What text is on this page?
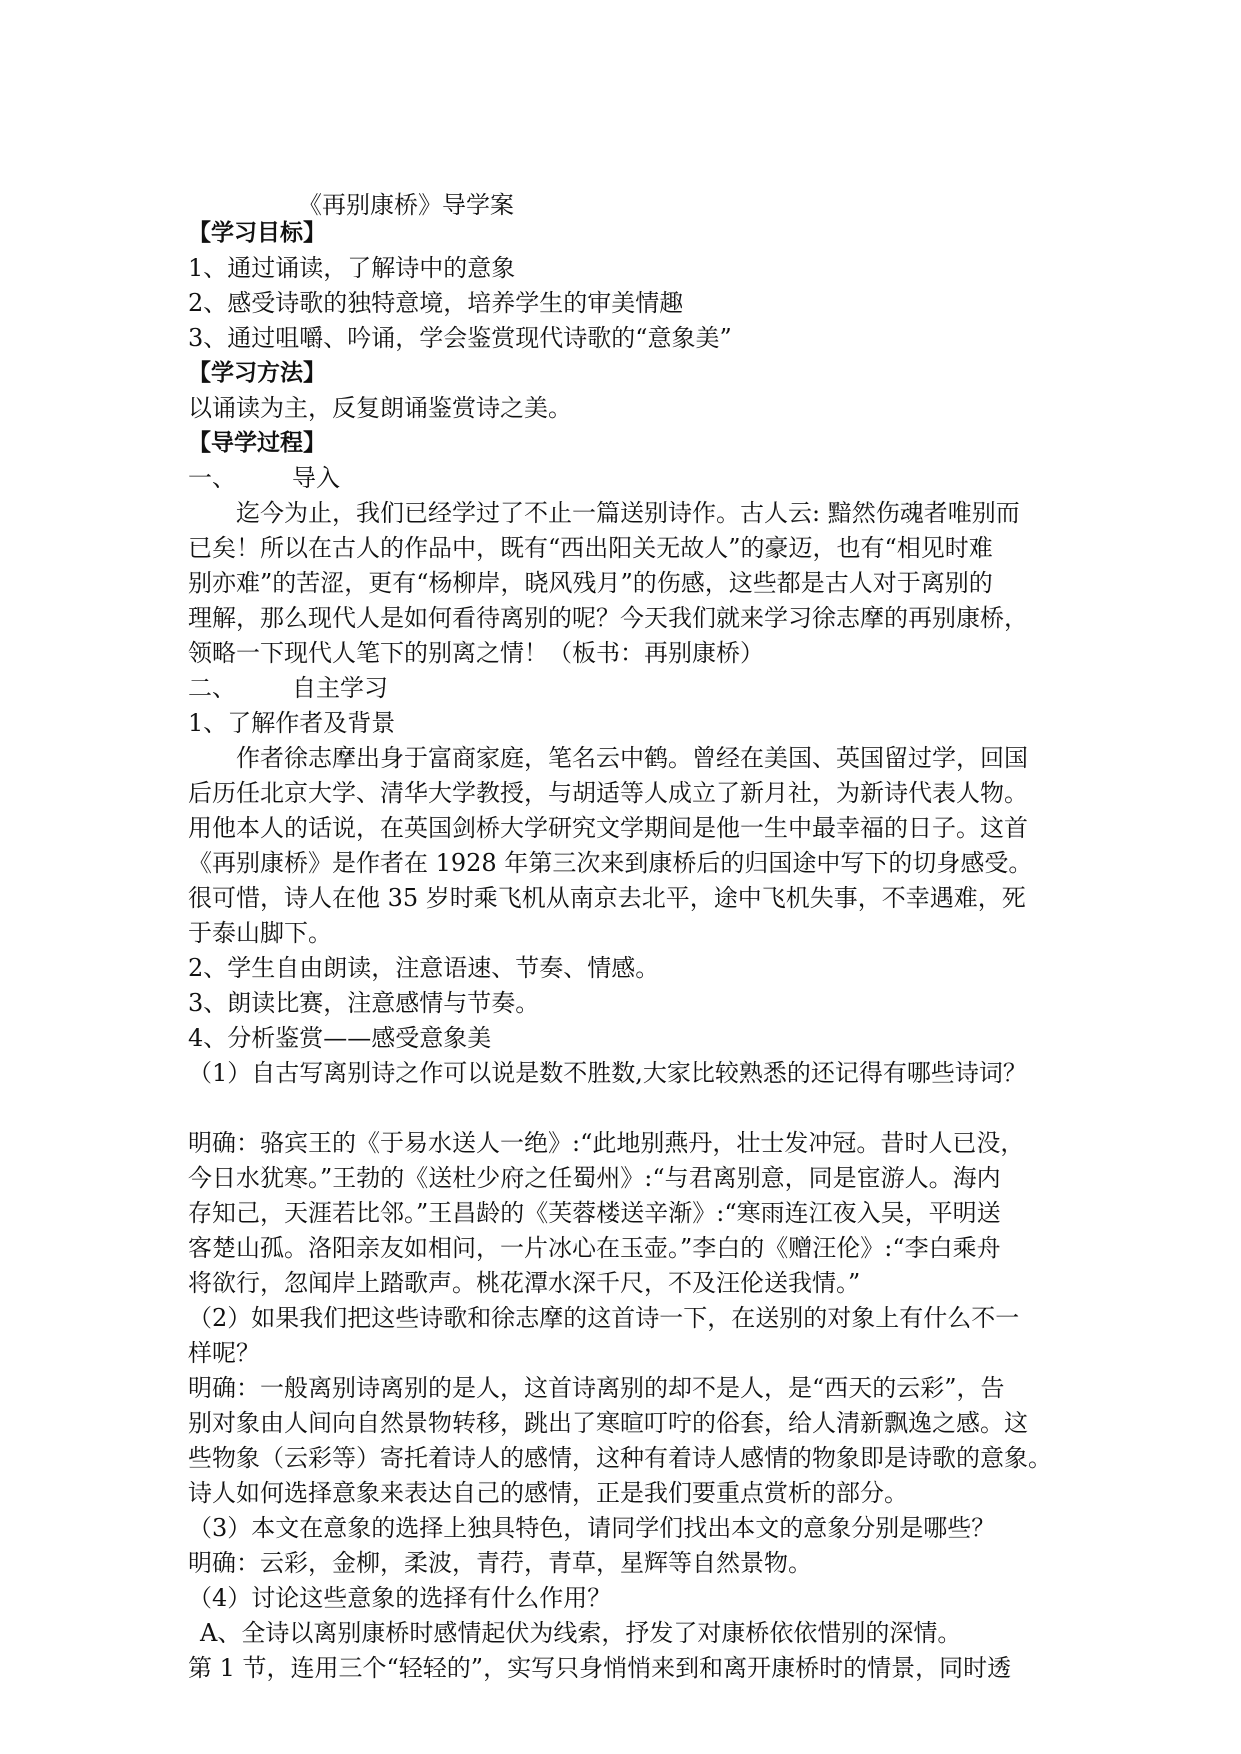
《再别康桥》导学案
【学习目标】
1、通过诵读，了解诗中的意象
2、感受诗歌的独特意境，培养学生的审美情趣
3、通过咀嚼、吟诵，学会鉴赏现代诗歌的“意象美”
【学习方法】
以诵读为主，反复朗诵鉴赏诗之美。
【导学过程】
一、 导入
迄今为止，我们已经学过了不止一篇送别诗作。古人云: 黯然伤魂者唯别而
已矣！所以在古人的作品中，既有“西出阳关无故人”的豪迈，也有“相见时难
别亦难”的苦涩，更有“杨柳岸，晓风残月”的伤感，这些都是古人对于离别的
理解，那么现代人是如何看待离别的呢？今天我们就来学习徐志摩的再别康桥，
领略一下现代人笔下的别离之情！（板书：再别康桥）
二、 自主学习
1、了解作者及背景
作者徐志摩出身于富商家庭，笔名云中鹤。曾经在美国、英国留过学，回国
后历任北京大学、清华大学教授，与胡适等人成立了新月社，为新诗代表人物。
用他本人的话说，在英国剑桥大学研究文学期间是他一生中最幸福的日子。这首
《再别康桥》是作者在 1928 年第三次来到康桥后的归国途中写下的切身感受。
很可惜，诗人在他 35 岁时乘飞机从南京去北平，途中飞机失事，不幸遇难，死
于泰山脚下。
2、学生自由朗读，注意语速、节奏、情感。
3、朗读比赛，注意感情与节奏。
4、分析鉴赏——感受意象美
（1）自古写离别诗之作可以说是数不胜数,大家比较熟悉的还记得有哪些诗词？
明确：骆宾王的《于易水送人一绝》:“此地别燕丹，壮士发冲冠。昔时人已没，
今日水犹寒。”王勃的《送杜少府之任蜀州》:“与君离别意，同是宦游人。海内
存知己，天涯若比邻。”王昌龄的《芙蓉楼送辛渐》:“寒雨连江夜入吴，平明送
客楚山孤。洛阳亲友如相问，一片冰心在玉壶。”李白的《赠汪伦》:“李白乘舟
将欲行，忽闻岸上踏歌声。桃花潭水深千尺，不及汪伦送我情。”
（2）如果我们把这些诗歌和徐志摩的这首诗一下，在送别的对象上有什么不一
样呢？
明确：一般离别诗离别的是人，这首诗离别的却不是人，是“西天的云彩”，告
别对象由人间向自然景物转移，跳出了寒暄叮咛的俗套，给人清新飘逸之感。这
些物象（云彩等）寄托着诗人的感情，这种有着诗人感情的物象即是诗歌的意象。
诗人如何选择意象来表达自己的感情，正是我们要重点赏析的部分。
（3）本文在意象的选择上独具特色，请同学们找出本文的意象分别是哪些？
明确：云彩，金柳，柔波，青荇，青草，星辉等自然景物。
（4）讨论这些意象的选择有什么作用？
A、全诗以离别康桥时感情起伏为线索，抒发了对康桥依依惜别的深情。
第 1 节，连用三个“轻轻的”，实写只身悄悄来到和离开康桥时的情景，同时透
